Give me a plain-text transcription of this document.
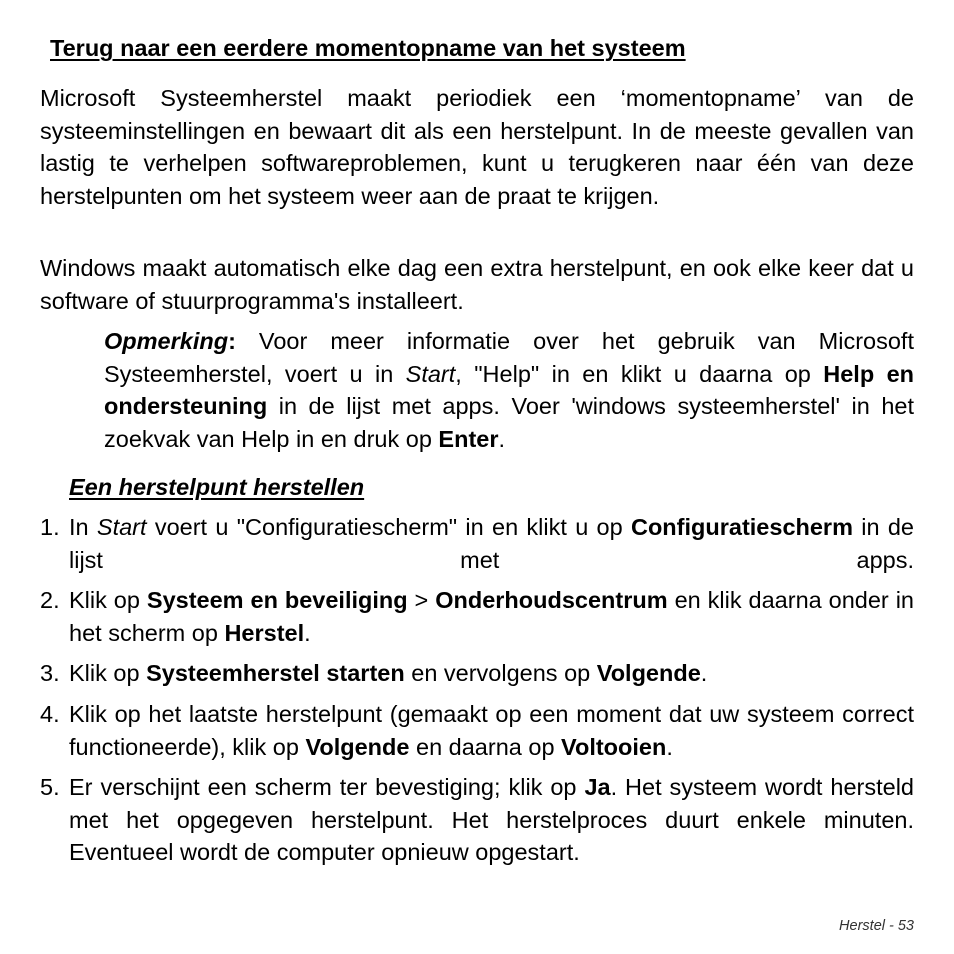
Terug naar een eerdere momentopname van het systeem

Microsoft Systeemherstel maakt periodiek een ‘momentopname’ van de systeeminstellingen en bewaart dit als een herstelpunt. In de meeste gevallen van lastig te verhelpen softwareproblemen, kunt u terugkeren naar één van deze herstelpunten om het systeem weer aan de praat te krijgen.

Windows maakt automatisch elke dag een extra herstelpunt, en ook elke keer dat u software of stuurprogramma's installeert.

Opmerking: Voor meer informatie over het gebruik van Microsoft Systeemherstel, voert u in Start, "Help" in en klikt u daarna op Help en ondersteuning in de lijst met apps. Voer 'windows systeemherstel' in het zoekvak van Help in en druk op Enter.

Een herstelpunt herstellen
1. In Start voert u "Configuratiescherm" in en klikt u op Configuratiescherm in de lijst met apps.
2. Klik op Systeem en beveiliging > Onderhoudscentrum en klik daarna onder in het scherm op Herstel.
3. Klik op Systeemherstel starten en vervolgens op Volgende.
4. Klik op het laatste herstelpunt (gemaakt op een moment dat uw systeem correct functioneerde), klik op Volgende en daarna op Voltooien.
5. Er verschijnt een scherm ter bevestiging; klik op Ja. Het systeem wordt hersteld met het opgegeven herstelpunt. Het herstelproces duurt enkele minuten. Eventueel wordt de computer opnieuw opgestart.
Herstel - 53
